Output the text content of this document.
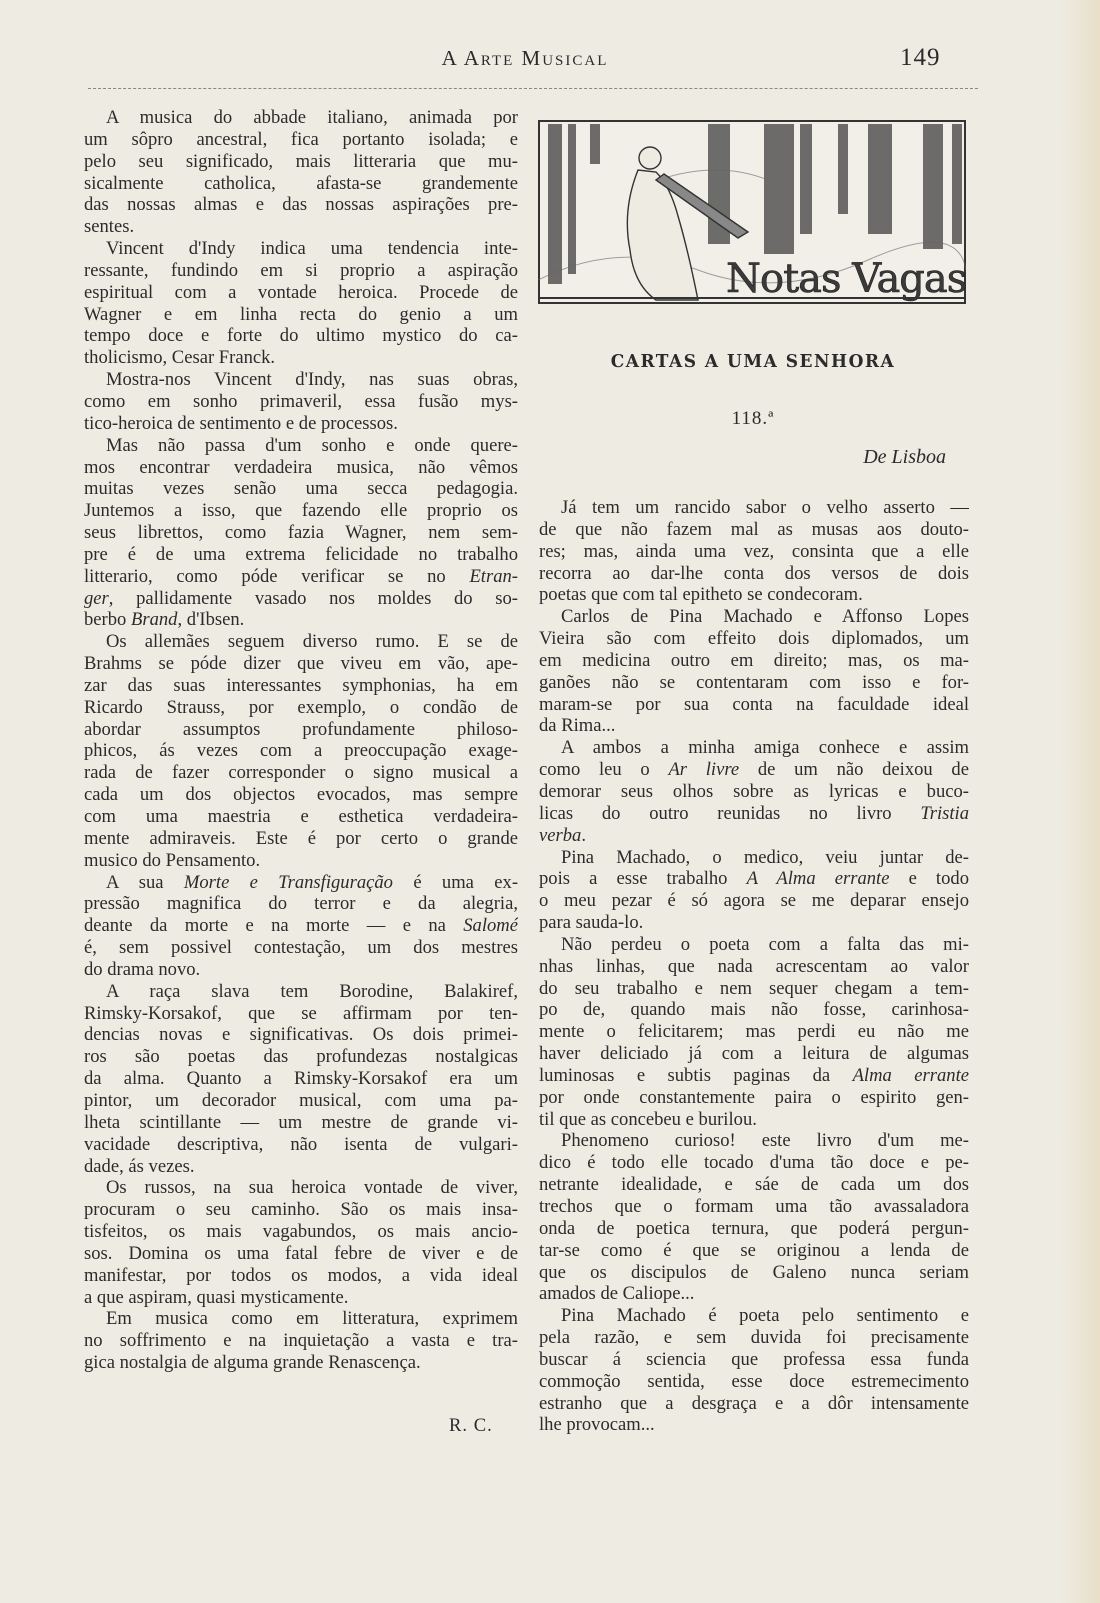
A Arte Musical	149
A musica do abbade italiano, animada por
um sôpro ancestral, fica portanto isolada; e
pelo seu significado, mais litteraria que mu-
sicalmente catholica, afasta-se grandemente
das nossas almas e das nossas aspirações pre-
sentes.
Vincent d'Indy indica uma tendencia inte-
ressante, fundindo em si proprio a aspiração
espiritual com a vontade heroica. Procede de
Wagner e em linha recta do genio a um
tempo doce e forte do ultimo mystico do ca-
tholicismo, Cesar Franck.
Mostra-nos Vincent d'Indy, nas suas obras,
como em sonho primaveril, essa fusão mys-
tico-heroica de sentimento e de processos.
Mas não passa d'um sonho e onde quere-
mos encontrar verdadeira musica, não vêmos
muitas vezes senão uma secca pedagogia.
Juntemos a isso, que fazendo elle proprio os
seus librettos, como fazia Wagner, nem sem-
pre é de uma extrema felicidade no trabalho
litterario, como póde verificar se no Etran-
ger, pallidamente vasado nos moldes do so-
berbo Brand, d'Ibsen.
Os allemães seguem diverso rumo. E se de
Brahms se póde dizer que viveu em vão, ape-
zar das suas interessantes symphonias, ha em
Ricardo Strauss, por exemplo, o condão de
abordar assumptos profundamente philoso-
phicos, ás vezes com a preoccupação exage-
rada de fazer corresponder o signo musical a
cada um dos objectos evocados, mas sempre
com uma maestria e esthetica verdadeira-
mente admiraveis. Este é por certo o grande
musico do Pensamento.
A sua Morte e Transfiguração é uma ex-
pressão magnifica do terror e da alegria,
deante da morte e na morte — e na Salomé
é, sem possivel contestação, um dos mestres
do drama novo.
A raça slava tem Borodine, Balakiref,
Rimsky-Korsakof, que se affirmam por ten-
dencias novas e significativas. Os dois primei-
ros são poetas das profundezas nostalgicas
da alma. Quanto a Rimsky-Korsakof era um
pintor, um decorador musical, com uma pa-
lheta scintillante — um mestre de grande vi-
vacidade descriptiva, não isenta de vulgari-
dade, ás vezes.
Os russos, na sua heroica vontade de viver,
procuram o seu caminho. São os mais insa-
tisfeitos, os mais vagabundos, os mais ancio-
sos. Domina os uma fatal febre de viver e de
manifestar, por todos os modos, a vida ideal
a que aspiram, quasi mysticamente.
Em musica como em litteratura, exprimem
no soffrimento e na inquietação a vasta e tra-
gica nostalgia de alguma grande Renascença.
R. C.
Notas Vagas
CARTAS A UMA SENHORA
118.ª
De Lisboa
Já tem um rancido sabor o velho asserto —
de que não fazem mal as musas aos douto-
res; mas, ainda uma vez, consinta que a elle
recorra ao dar-lhe conta dos versos de dois
poetas que com tal epitheto se condecoram.
Carlos de Pina Machado e Affonso Lopes
Vieira são com effeito dois diplomados, um
em medicina outro em direito; mas, os ma-
ganões não se contentaram com isso e for-
maram-se por sua conta na faculdade ideal
da Rima...
A ambos a minha amiga conhece e assim
como leu o Ar livre de um não deixou de
demorar seus olhos sobre as lyricas e buco-
licas do outro reunidas no livro Tristia
verba.
Pina Machado, o medico, veiu juntar de-
pois a esse trabalho A Alma errante e todo
o meu pezar é só agora se me deparar ensejo
para sauda-lo.
Não perdeu o poeta com a falta das mi-
nhas linhas, que nada acrescentam ao valor
do seu trabalho e nem sequer chegam a tem-
po de, quando mais não fosse, carinhosa-
mente o felicitarem; mas perdi eu não me
haver deliciado já com a leitura de algumas
luminosas e subtis paginas da Alma errante
por onde constantemente paira o espirito gen-
til que as concebeu e burilou.
Phenomeno curioso! este livro d'um me-
dico é todo elle tocado d'uma tão doce e pe-
netrante idealidade, e sáe de cada um dos
trechos que o formam uma tão avassaladora
onda de poetica ternura, que poderá pergun-
tar-se como é que se originou a lenda de
que os discipulos de Galeno nunca seriam
amados de Caliope...
Pina Machado é poeta pelo sentimento e
pela razão, e sem duvida foi precisamente
buscar á sciencia que professa essa funda
commoção sentida, esse doce estremecimento
estranho que a desgraça e a dôr intensamente
lhe provocam...
